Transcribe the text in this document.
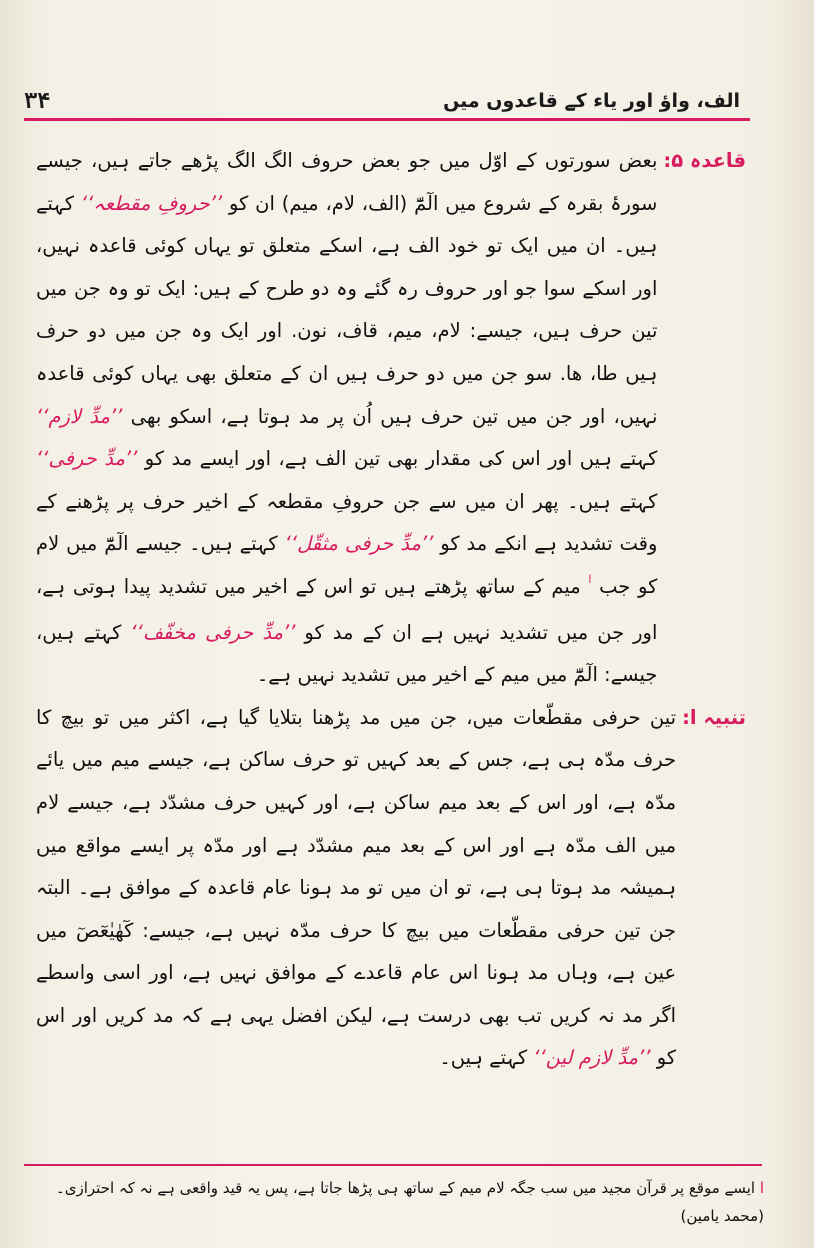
الف، واؤ اور یاء کے قاعدوں میں
۳۴
قاعدہ ۵:
بعض سورتوں کے اوّل میں جو بعض حروف الگ الگ پڑھے جاتے ہیں، جیسے سورۂ بقرہ کے شروع میں الٓمّٓ (الف، لام، میم) ان کو ’’حروفِ مقطعہ‘‘ کہتے ہیں۔ ان میں ایک تو خود الف ہے، اسکے متعلق تو یہاں کوئی قاعدہ نہیں، اور اسکے سوا جو اور حروف رہ گئے وہ دو طرح کے ہیں: ایک تو وہ جن میں تین حرف ہیں، جیسے: لام، میم، قاف، نون. اور ایک وہ جن میں دو حرف ہیں طا، ھا. سو جن میں دو حرف ہیں ان کے متعلق بھی یہاں کوئی قاعدہ نہیں، اور جن میں تین حرف ہیں اُن پر مد ہوتا ہے، اسکو بھی ’’مدِّ لازم‘‘ کہتے ہیں اور اس کی مقدار بھی تین الف ہے، اور ایسے مد کو ’’مدِّ حرفی‘‘ کہتے ہیں۔ پھر ان میں سے جن حروفِ مقطعہ کے اخیر حرف پر پڑھنے کے وقت تشدید ہے انکے مد کو ’’مدِّ حرفی مثقّل‘‘ کہتے ہیں۔ جیسے الٓمّٓ میں لام کو جب $^ا$ میم کے ساتھ پڑھتے ہیں تو اس کے اخیر میں تشدید پیدا ہوتی ہے، اور جن میں تشدید نہیں ہے ان کے مد کو ’’مدِّ حرفی مخفّف‘‘ کہتے ہیں، جیسے: الٓمّٓ میں میم کے اخیر میں تشدید نہیں ہے۔
تنبیہ ا:
تین حرفی مقطّعات میں، جن میں مد پڑھنا بتلایا گیا ہے، اکثر میں تو بیچ کا حرف مدّہ ہی ہے، جس کے بعد کہیں تو حرف ساکن ہے، جیسے میم میں یائے مدّہ ہے، اور اس کے بعد میم ساکن ہے، اور کہیں حرف مشدّد ہے، جیسے لام میں الف مدّہ ہے اور اس کے بعد میم مشدّد ہے اور مدّہ پر ایسے مواقع میں ہمیشہ مد ہوتا ہی ہے، تو ان میں تو مد ہونا عام قاعدہ کے موافق ہے۔ البتہ جن تین حرفی مقطّعات میں بیچ کا حرف مدّہ نہیں ہے، جیسے: کٓھٰیٰعٓصٓ میں عین ہے، وہاں مد ہونا اس عام قاعدے کے موافق نہیں ہے، اور اسی واسطے اگر مد نہ کریں تب بھی درست ہے، لیکن افضل یہی ہے کہ مد کریں اور اس کو ’’مدِّ لازم لین‘‘ کہتے ہیں۔
ا ایسے موقع پر قرآن مجید میں سب جگہ لام میم کے ساتھ ہی پڑھا جاتا ہے، پس یہ قید واقعی ہے نہ کہ احترازی۔ (محمد یامین)
